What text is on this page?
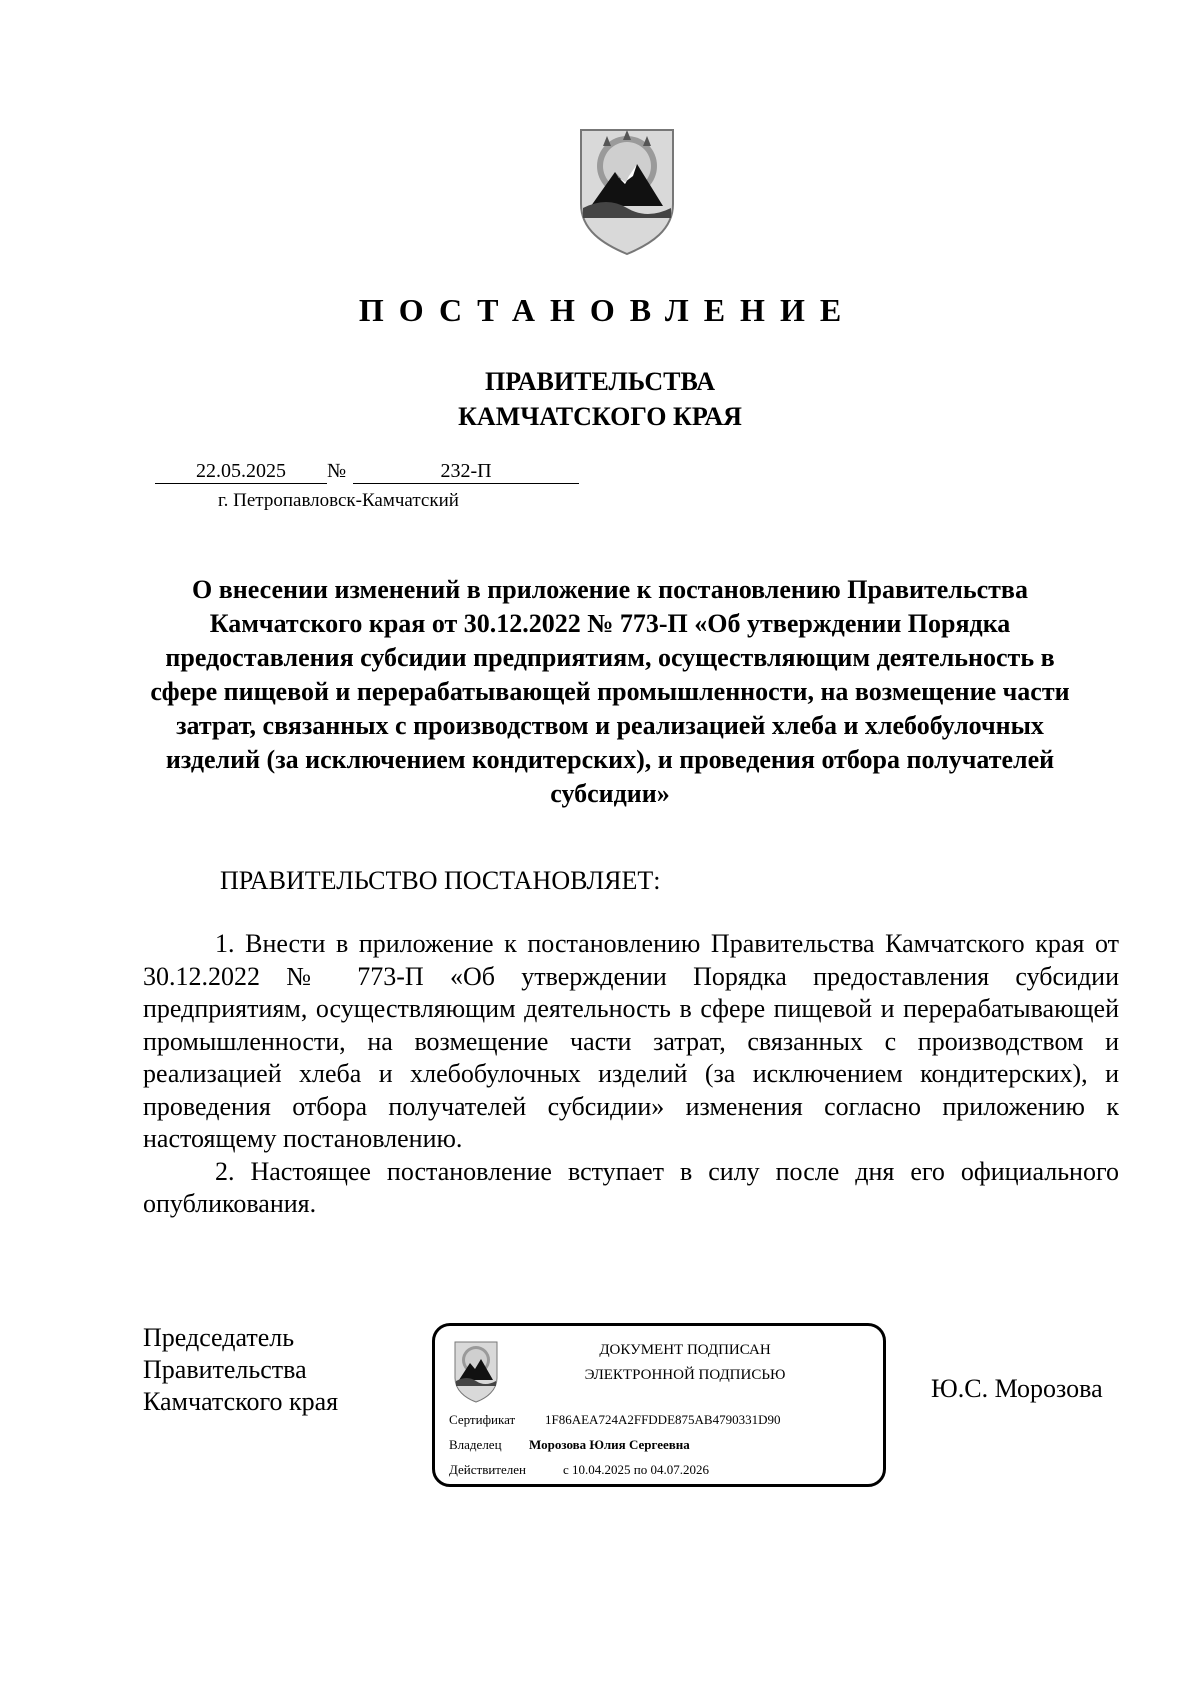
ПОСТАНОВЛЕНИЕ
ПРАВИТЕЛЬСТВА
КАМЧАТСКОГО КРАЯ
22.05.2025 №	232-П
г. Петропавловск-Камчатский
О внесении изменений в приложение к постановлению Правительства Камчатского края от 30.12.2022 № 773-П «Об утверждении Порядка предоставления субсидии предприятиям, осуществляющим деятельность в сфере пищевой и перерабатывающей промышленности, на возмещение части затрат, связанных с производством и реализацией хлеба и хлебобулочных изделий (за исключением кондитерских), и проведения отбора получателей субсидии»
ПРАВИТЕЛЬСТВО ПОСТАНОВЛЯЕТ:

1. Внести в приложение к постановлению Правительства Камчатского края от 30.12.2022 № 773-П «Об утверждении Порядка предоставления субсидии предприятиям, осуществляющим деятельность в сфере пищевой и перерабатывающей промышленности, на возмещение части затрат, связанных с производством и реализацией хлеба и хлебобулочных изделий (за исключением кондитерских), и проведения отбора получателей субсидии» изменения согласно приложению к настоящему постановлению.

2. Настоящее постановление вступает в силу после дня его официального опубликования.

Председатель
Правительства
Камчатского края
ДОКУМЕНТ ПОДПИСАН
ЭЛЕКТРОННОЙ ПОДПИСЬЮ
Сертификат 1F86AEA724A2FFDDE875AB4790331D90
Владелец Морозова Юлия Сергеевна
Действителен	с 10.04.2025 по 04.07.2026
Ю.С. Морозова
